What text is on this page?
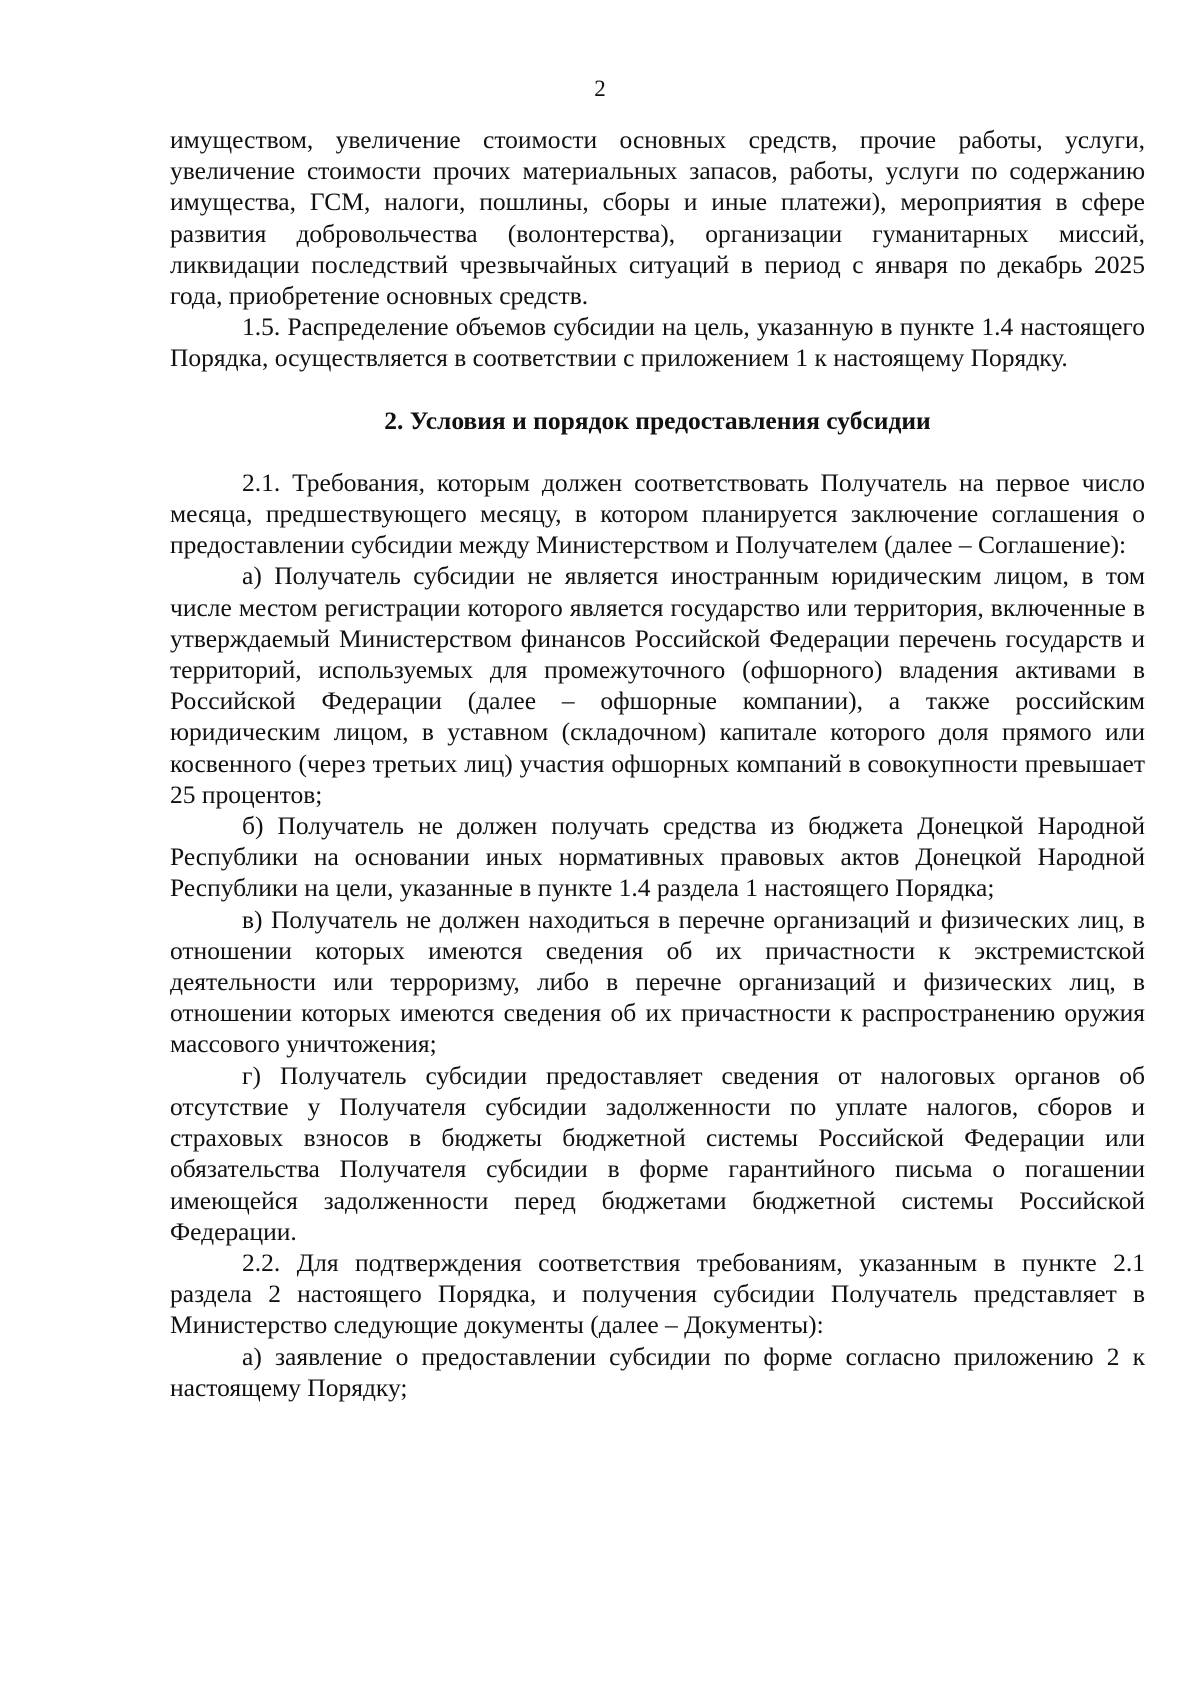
2

имуществом, увеличение стоимости основных средств, прочие работы, услуги, увеличение стоимости прочих материальных запасов, работы, услуги по содержанию имущества, ГСМ, налоги, пошлины, сборы и иные платежи), мероприятия в сфере развития добровольчества (волонтерства), организации гуманитарных миссий, ликвидации последствий чрезвычайных ситуаций в период с января по декабрь 2025 года, приобретение основных средств.

1.5. Распределение объемов субсидии на цель, указанную в пункте 1.4 настоящего Порядка, осуществляется в соответствии с приложением 1 к настоящему Порядку.

2. Условия и порядок предоставления субсидии

2.1. Требования, которым должен соответствовать Получатель на первое число месяца, предшествующего месяцу, в котором планируется заключение соглашения о предоставлении субсидии между Министерством и Получателем (далее – Соглашение):

а) Получатель субсидии не является иностранным юридическим лицом, в том числе местом регистрации которого является государство или территория, включенные в утверждаемый Министерством финансов Российской Федерации перечень государств и территорий, используемых для промежуточного (офшорного) владения активами в Российской Федерации (далее – офшорные компании), а также российским юридическим лицом, в уставном (складочном) капитале которого доля прямого или косвенного (через третьих лиц) участия офшорных компаний в совокупности превышает 25 процентов;

б) Получатель не должен получать средства из бюджета Донецкой Народной Республики на основании иных нормативных правовых актов Донецкой Народной Республики на цели, указанные в пункте 1.4 раздела 1 настоящего Порядка;

в) Получатель не должен находиться в перечне организаций и физических лиц, в отношении которых имеются сведения об их причастности к экстремистской деятельности или терроризму, либо в перечне организаций и физических лиц, в отношении которых имеются сведения об их причастности к распространению оружия массового уничтожения;

г) Получатель субсидии предоставляет сведения от налоговых органов об отсутствие у Получателя субсидии задолженности по уплате налогов, сборов и страховых взносов в бюджеты бюджетной системы Российской Федерации или обязательства Получателя субсидии в форме гарантийного письма о погашении имеющейся задолженности перед бюджетами бюджетной системы Российской Федерации.

2.2. Для подтверждения соответствия требованиям, указанным в пункте 2.1 раздела 2 настоящего Порядка, и получения субсидии Получатель представляет в Министерство следующие документы (далее – Документы):

а) заявление о предоставлении субсидии по форме согласно приложению 2 к настоящему Порядку;
